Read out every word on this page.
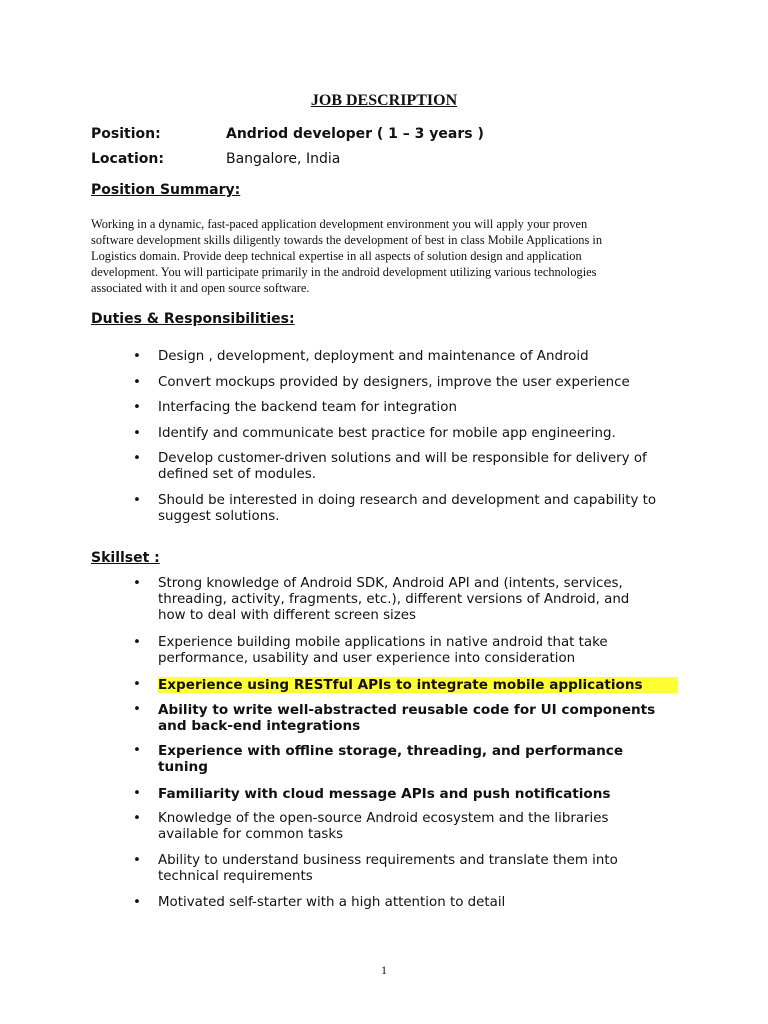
JOB DESCRIPTION
Position:	Andriod developer ( 1 – 3 years )
Location:	Bangalore, India
Position Summary:
Working in a dynamic, fast-paced application development environment you will apply your proven
software development skills diligently towards the development of best in class Mobile Applications in
Logistics domain. Provide deep technical expertise in all aspects of solution design and application
development. You will participate primarily in the android development utilizing various technologies
associated with it and open source software.
Duties & Responsibilities:
• Design , development, deployment and maintenance of Android
• Convert mockups provided by designers, improve the user experience
• Interfacing the backend team for integration
• Identify and communicate best practice for mobile app engineering.
• Develop customer-driven solutions and will be responsible for delivery of
defined set of modules.
• Should be interested in doing research and development and capability to
suggest solutions.
Skillset :
• Strong knowledge of Android SDK, Android API and (intents, services,
threading, activity, fragments, etc.), different versions of Android, and
how to deal with different screen sizes
• Experience building mobile applications in native android that take
performance, usability and user experience into consideration
• Experience using RESTful APIs to integrate mobile applications
• Ability to write well-abstracted reusable code for UI components
and back-end integrations
• Experience with offline storage, threading, and performance
tuning
• Familiarity with cloud message APIs and push notifications
• Knowledge of the open-source Android ecosystem and the libraries
available for common tasks
• Ability to understand business requirements and translate them into
technical requirements
• Motivated self-starter with a high attention to detail
1
